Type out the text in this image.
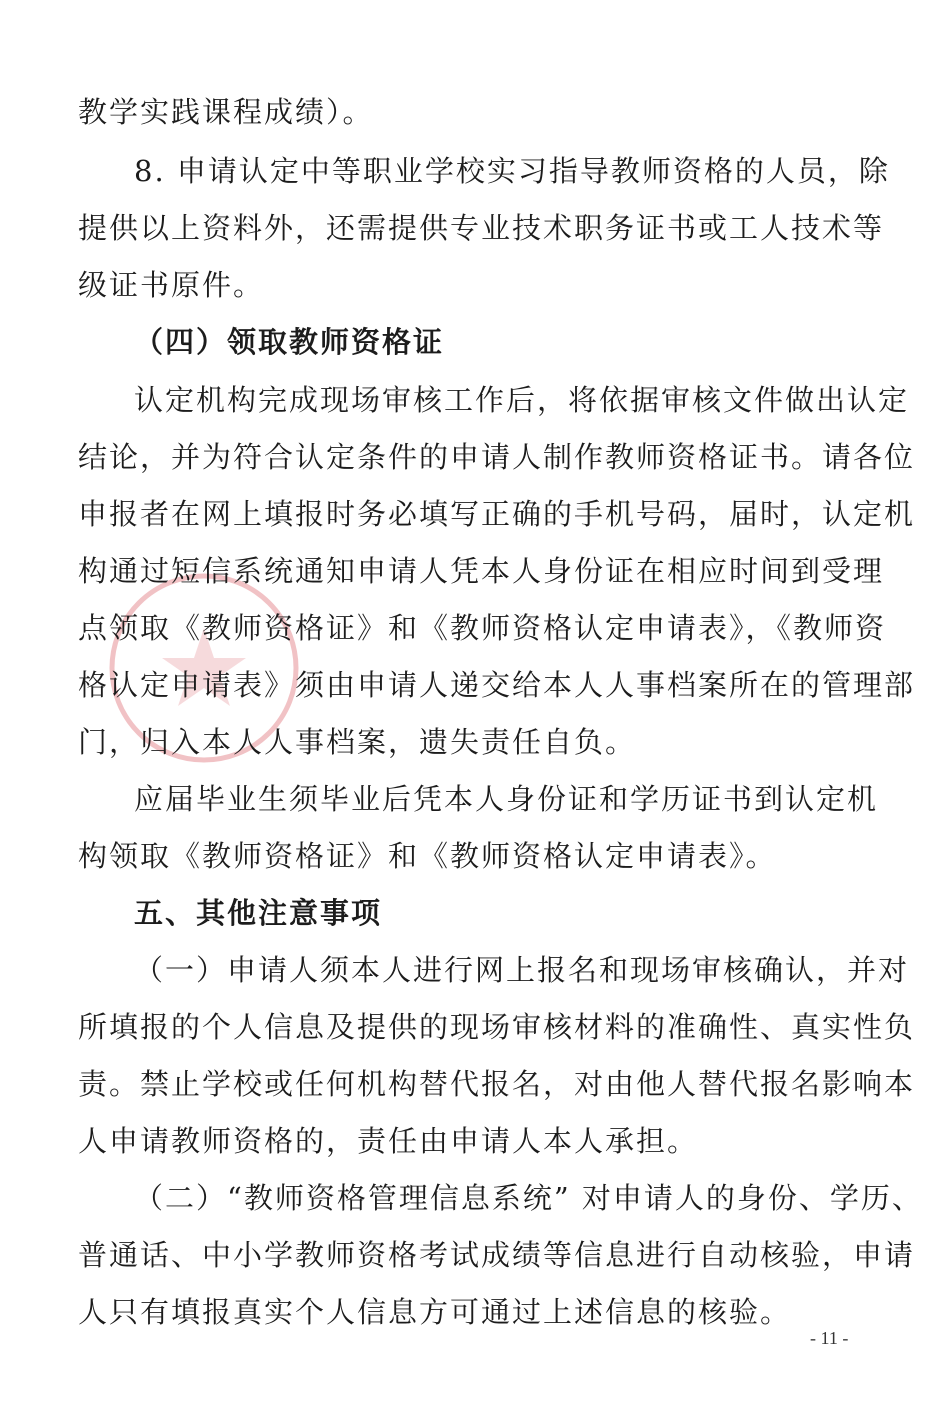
教学实践课程成绩）。
8. 申请认定中等职业学校实习指导教师资格的人员，除
提供以上资料外，还需提供专业技术职务证书或工人技术等
级证书原件。
（四）领取教师资格证
认定机构完成现场审核工作后，将依据审核文件做出认定
结论，并为符合认定条件的申请人制作教师资格证书。请各位
申报者在网上填报时务必填写正确的手机号码，届时，认定机
构通过短信系统通知申请人凭本人身份证在相应时间到受理
点领取《教师资格证》和《教师资格认定申请表》，《教师资
格认定申请表》须由申请人递交给本人人事档案所在的管理部
门，归入本人人事档案，遗失责任自负。
应届毕业生须毕业后凭本人身份证和学历证书到认定机
构领取《教师资格证》和《教师资格认定申请表》。
五、其他注意事项
（一）申请人须本人进行网上报名和现场审核确认，并对
所填报的个人信息及提供的现场审核材料的准确性、真实性负
责。禁止学校或任何机构替代报名，对由他人替代报名影响本
人申请教师资格的，责任由申请人本人承担。
（二）“教师资格管理信息系统” 对申请人的身份、学历、
普通话、中小学教师资格考试成绩等信息进行自动核验，申请
人只有填报真实个人信息方可通过上述信息的核验。
- 11 -
